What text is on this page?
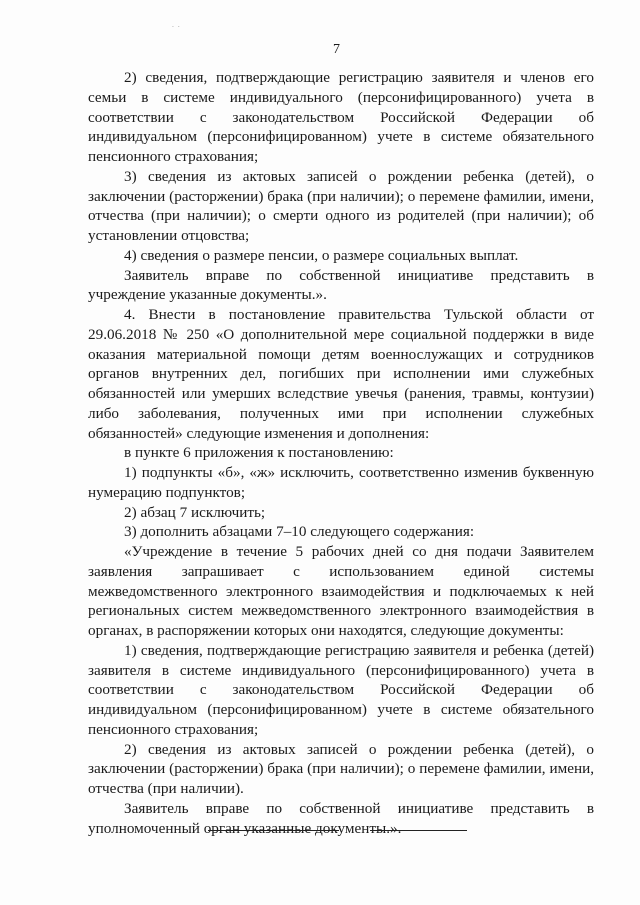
· ·
7

2) сведения, подтверждающие регистрацию заявителя и членов его семьи в системе индивидуального (персонифицированного) учета в соответствии с законодательством Российской Федерации об индивидуальном (персонифицированном) учете в системе обязательного пенсионного страхования;

3) сведения из актовых записей о рождении ребенка (детей), о заключении (расторжении) брака (при наличии); о перемене фамилии, имени, отчества (при наличии); о смерти одного из родителей (при наличии); об установлении отцовства;

4) сведения о размере пенсии, о размере социальных выплат.

Заявитель вправе по собственной инициативе представить в учреждение указанные документы.».

4. Внести в постановление правительства Тульской области от 29.06.2018 № 250 «О дополнительной мере социальной поддержки в виде оказания материальной помощи детям военнослужащих и сотрудников органов внутренних дел, погибших при исполнении ими служебных обязанностей или умерших вследствие увечья (ранения, травмы, контузии) либо заболевания, полученных ими при исполнении служебных обязанностей» следующие изменения и дополнения:

в пункте 6 приложения к постановлению:

1) подпункты «б», «ж» исключить, соответственно изменив буквенную нумерацию подпунктов;

2) абзац 7 исключить;

3) дополнить абзацами 7–10 следующего содержания:

«Учреждение в течение 5 рабочих дней со дня подачи Заявителем заявления запрашивает с использованием единой системы межведомственного электронного взаимодействия и подключаемых к ней региональных систем межведомственного электронного взаимодействия в органах, в распоряжении которых они находятся, следующие документы:

1) сведения, подтверждающие регистрацию заявителя и ребенка (детей) заявителя в системе индивидуального (персонифицированного) учета в соответствии с законодательством Российской Федерации об индивидуальном (персонифицированном) учете в системе обязательного пенсионного страхования;

2) сведения из актовых записей о рождении ребенка (детей), о заключении (расторжении) брака (при наличии); о перемене фамилии, имени, отчества (при наличии).

Заявитель вправе по собственной инициативе представить в уполномоченный орган указанные документы.».
